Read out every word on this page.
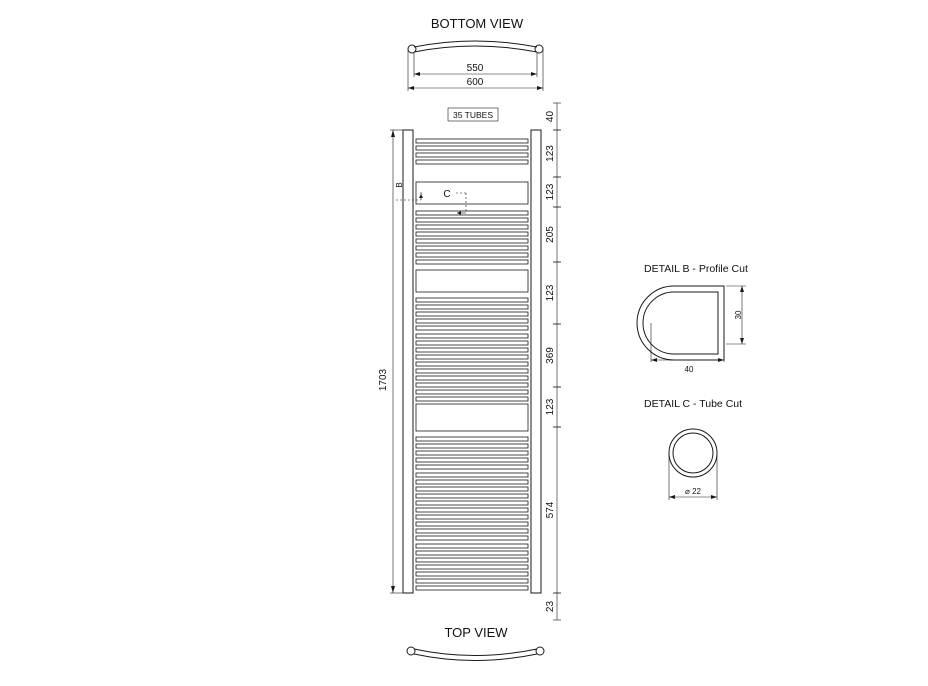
BOTTOM VIEW
550
600
35 TUBES
1703
B
C
40
123
123
205
123
369
123
574
23
TOP VIEW
DETAIL B - Profile Cut
40
30
DETAIL C - Tube Cut
⌀ 22
